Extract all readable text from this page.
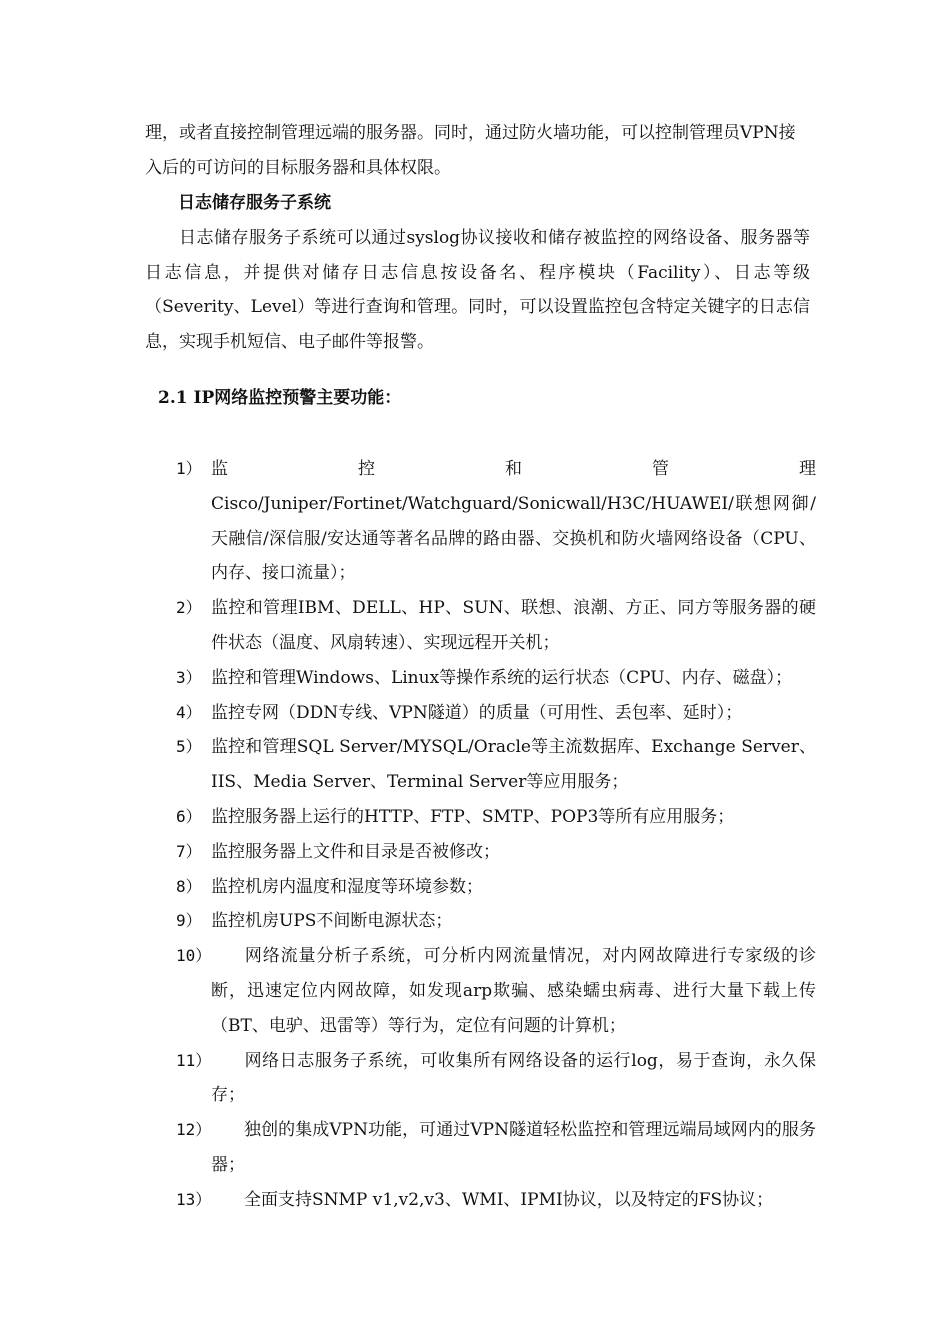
理，或者直接控制管理远端的服务器。同时，通过防火墙功能，可以控制管理员VPN接入后的可访问的目标服务器和具体权限。

日志储存服务子系统

日志储存服务子系统可以通过syslog协议接收和储存被监控的网络设备、服务器等日志信息，并提供对储存日志信息按设备名、程序模块（Facility）、日志等级（Severity、Level）等进行查询和管理。同时，可以设置监控包含特定关键字的日志信息，实现手机短信、电子邮件等报警。

2.1 IP网络监控预警主要功能：

1） 监控和管理Cisco/Juniper/Fortinet/Watchguard/Sonicwall/H3C/HUAWEI/联想网御/天融信/深信服/安达通等著名品牌的路由器、交换机和防火墙网络设备（CPU、内存、接口流量）；
2） 监控和管理IBM、DELL、HP、SUN、联想、浪潮、方正、同方等服务器的硬件状态（温度、风扇转速）、实现远程开关机；
3） 监控和管理Windows、Linux等操作系统的运行状态（CPU、内存、磁盘）；
4） 监控专网（DDN专线、VPN隧道）的质量（可用性、丢包率、延时）；
5） 监控和管理SQL Server/MYSQL/Oracle等主流数据库、Exchange Server、IIS、Media Server、Terminal Server等应用服务；
6） 监控服务器上运行的HTTP、FTP、SMTP、POP3等所有应用服务；
7） 监控服务器上文件和目录是否被修改；
8） 监控机房内温度和湿度等环境参数；
9） 监控机房UPS不间断电源状态；
10） 网络流量分析子系统，可分析内网流量情况，对内网故障进行专家级的诊断，迅速定位内网故障，如发现arp欺骗、感染蠕虫病毒、进行大量下载上传（BT、电驴、迅雷等）等行为，定位有问题的计算机；
11） 网络日志服务子系统，可收集所有网络设备的运行log，易于查询，永久保存；
12） 独创的集成VPN功能，可通过VPN隧道轻松监控和管理远端局域网内的服务器；
13） 全面支持SNMP v1,v2,v3、WMI、IPMI协议，以及特定的FS协议；
